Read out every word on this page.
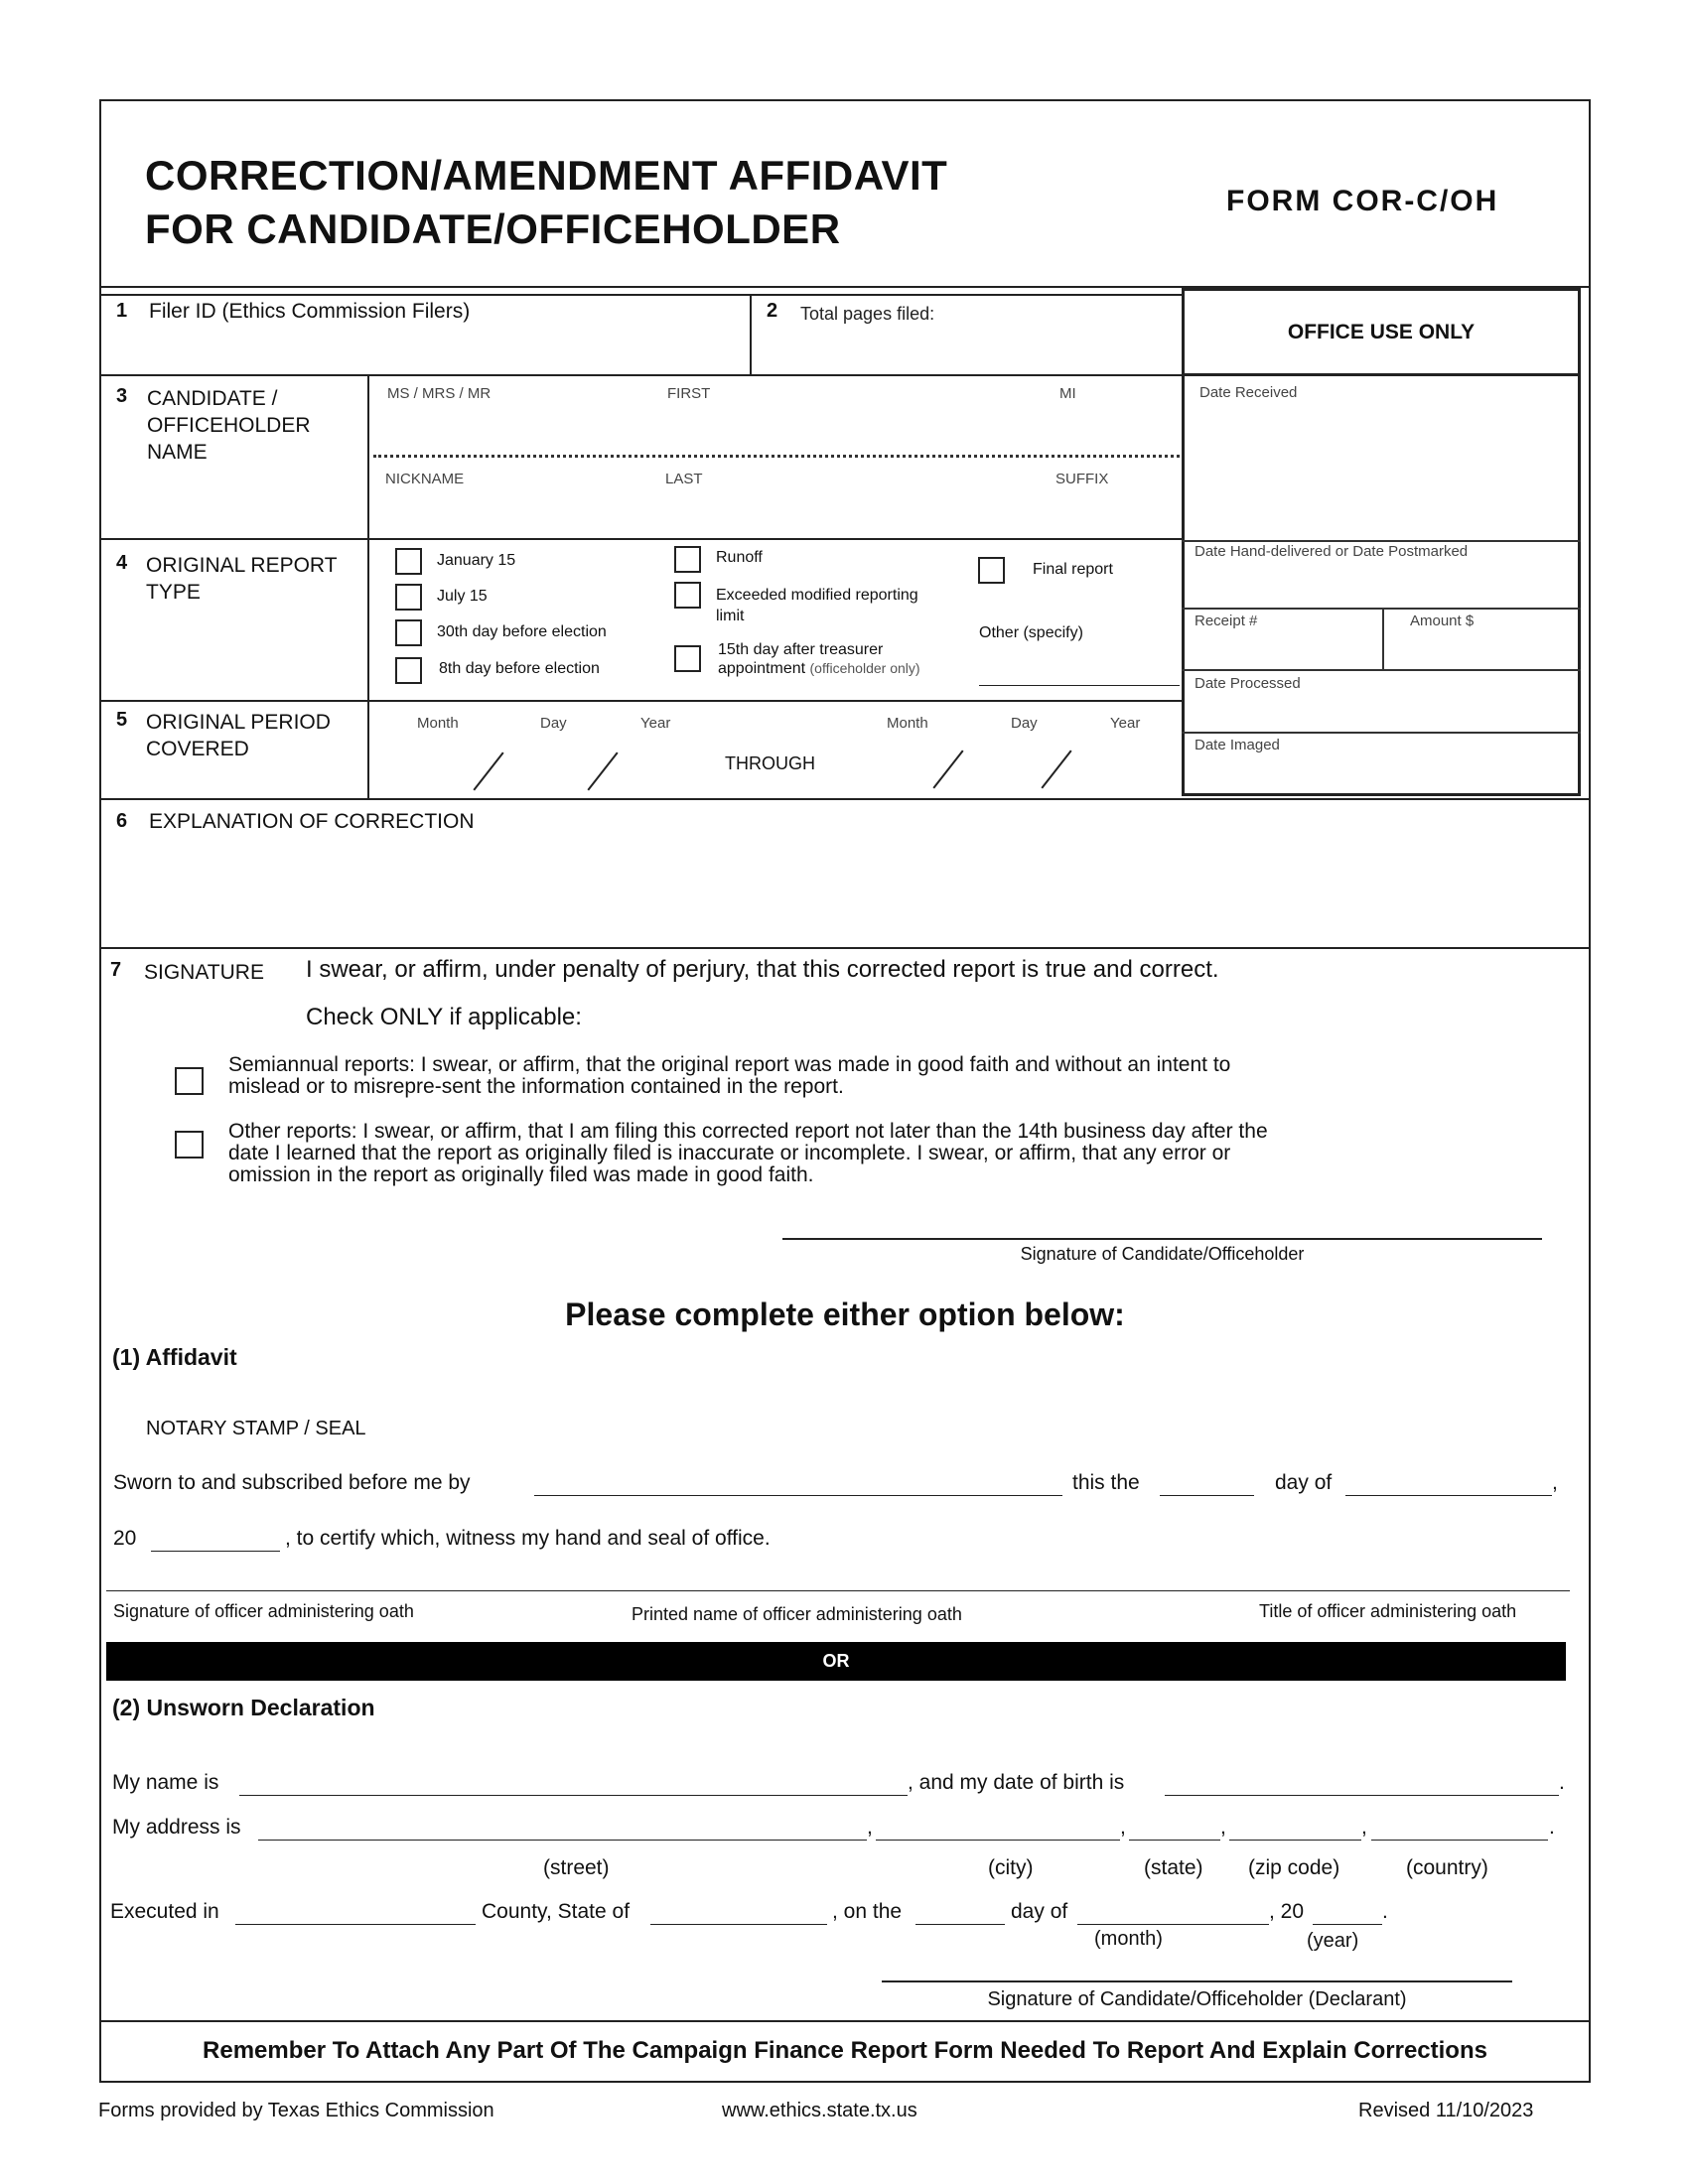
CORRECTION/AMENDMENT AFFIDAVIT
FOR CANDIDATE/OFFICEHOLDER
FORM COR-C/OH
1 Filer ID (Ethics Commission Filers)	2 Total pages filed:
OFFICE USE ONLY
Date Received
Date Hand-delivered or Date Postmarked
Receipt #	Amount $
Date Processed
Date Imaged
3 CANDIDATE /
OFFICEHOLDER
NAME
MS / MRS / MR	FIRST	MI
NICKNAME	LAST	SUFFIX
4 ORIGINAL REPORT
TYPE
January 15
July 15
30th day before election
8th day before election
Runoff
Exceeded modified reporting
limit
15th day after treasurer
appointment (officeholder only)
Final report
Other (specify)
5 ORIGINAL PERIOD
COVERED
Month	Day	Year
THROUGH
Month	Day	Year
6 EXPLANATION OF CORRECTION
7 SIGNATURE I swear, or affirm, under penalty of perjury, that this corrected report is true and correct.
Check ONLY if applicable:
Semiannual reports: I swear, or affirm, that the original report was made in good faith and without an intent to
mislead or to misrepre-sent the information contained in the report.
Other reports: I swear, or affirm, that I am filing this corrected report not later than the 14th business day after the
date I learned that the report as originally filed is inaccurate or incomplete. I swear, or affirm, that any error or
omission in the report as originally filed was made in good faith.
Signature of Candidate/Officeholder
Please complete either option below:
(1) Affidavit
NOTARY STAMP / SEAL
Sworn to and subscribed before me by	this the	day of	,
20	, to certify which, witness my hand and seal of office.
Signature of officer administering oath	Printed name of officer administering oath	Title of officer administering oath
OR
(2) Unsworn Declaration
My name is	, and my date of birth is	.
My address is	,	,	,	,	.
(street)	(city)	(state) (zip code)	(country)
Executed in	County, State of	, on the	day of	, 20	.
(month)	(year)
Signature of Candidate/Officeholder (Declarant)
Remember To Attach Any Part Of The Campaign Finance Report Form Needed To Report And Explain Corrections
Forms provided by Texas Ethics Commission	www.ethics.state.tx.us	Revised 11/10/2023
